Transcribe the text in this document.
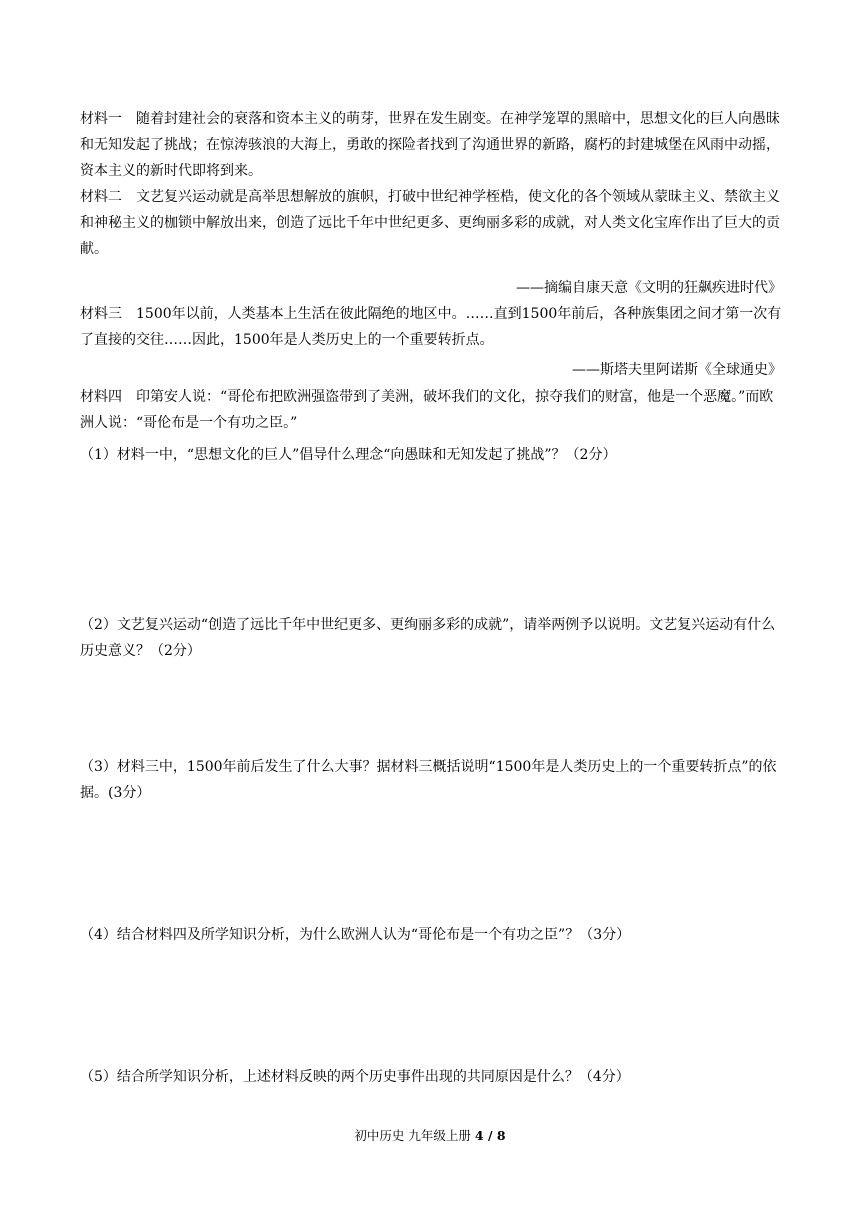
材料一 随着封建社会的衰落和资本主义的萌芽，世界在发生剧变。在神学笼罩的黑暗中，思想文化的巨人向愚昧和无知发起了挑战；在惊涛骇浪的大海上，勇敢的探险者找到了沟通世界的新路，腐朽的封建城堡在风雨中动摇，资本主义的新时代即将到来。

材料二 文艺复兴运动就是高举思想解放的旗帜，打破中世纪神学桎梏，使文化的各个领域从蒙昧主义、禁欲主义和神秘主义的枷锁中解放出来，创造了远比千年中世纪更多、更绚丽多彩的成就，对人类文化宝库作出了巨大的贡献。

——摘编自康天意《文明的狂飙疾进时代》

材料三 1500年以前，人类基本上生活在彼此隔绝的地区中。……直到1500年前后，各种族集团之间才第一次有了直接的交往……因此，1500年是人类历史上的一个重要转折点。

——斯塔夫里阿诺斯《全球通史》

材料四 印第安人说：“哥伦布把欧洲强盗带到了美洲，破坏我们的文化，掠夺我们的财富，他是一个恶魔。”而欧洲人说：“哥伦布是一个有功之臣。”

（1）材料一中，“思想文化的巨人”倡导什么理念“向愚昧和无知发起了挑战”？（2分）

（2）文艺复兴运动“创造了远比千年中世纪更多、更绚丽多彩的成就”，请举两例予以说明。文艺复兴运动有什么历史意义？（2分）

（3）材料三中，1500年前后发生了什么大事？据材料三概括说明“1500年是人类历史上的一个重要转折点”的依据。(3分）

（4）结合材料四及所学知识分析，为什么欧洲人认为“哥伦布是一个有功之臣”？（3分）

（5）结合所学知识分析，上述材料反映的两个历史事件出现的共同原因是什么？（4分）

初中历史 九年级上册 4 / 8
